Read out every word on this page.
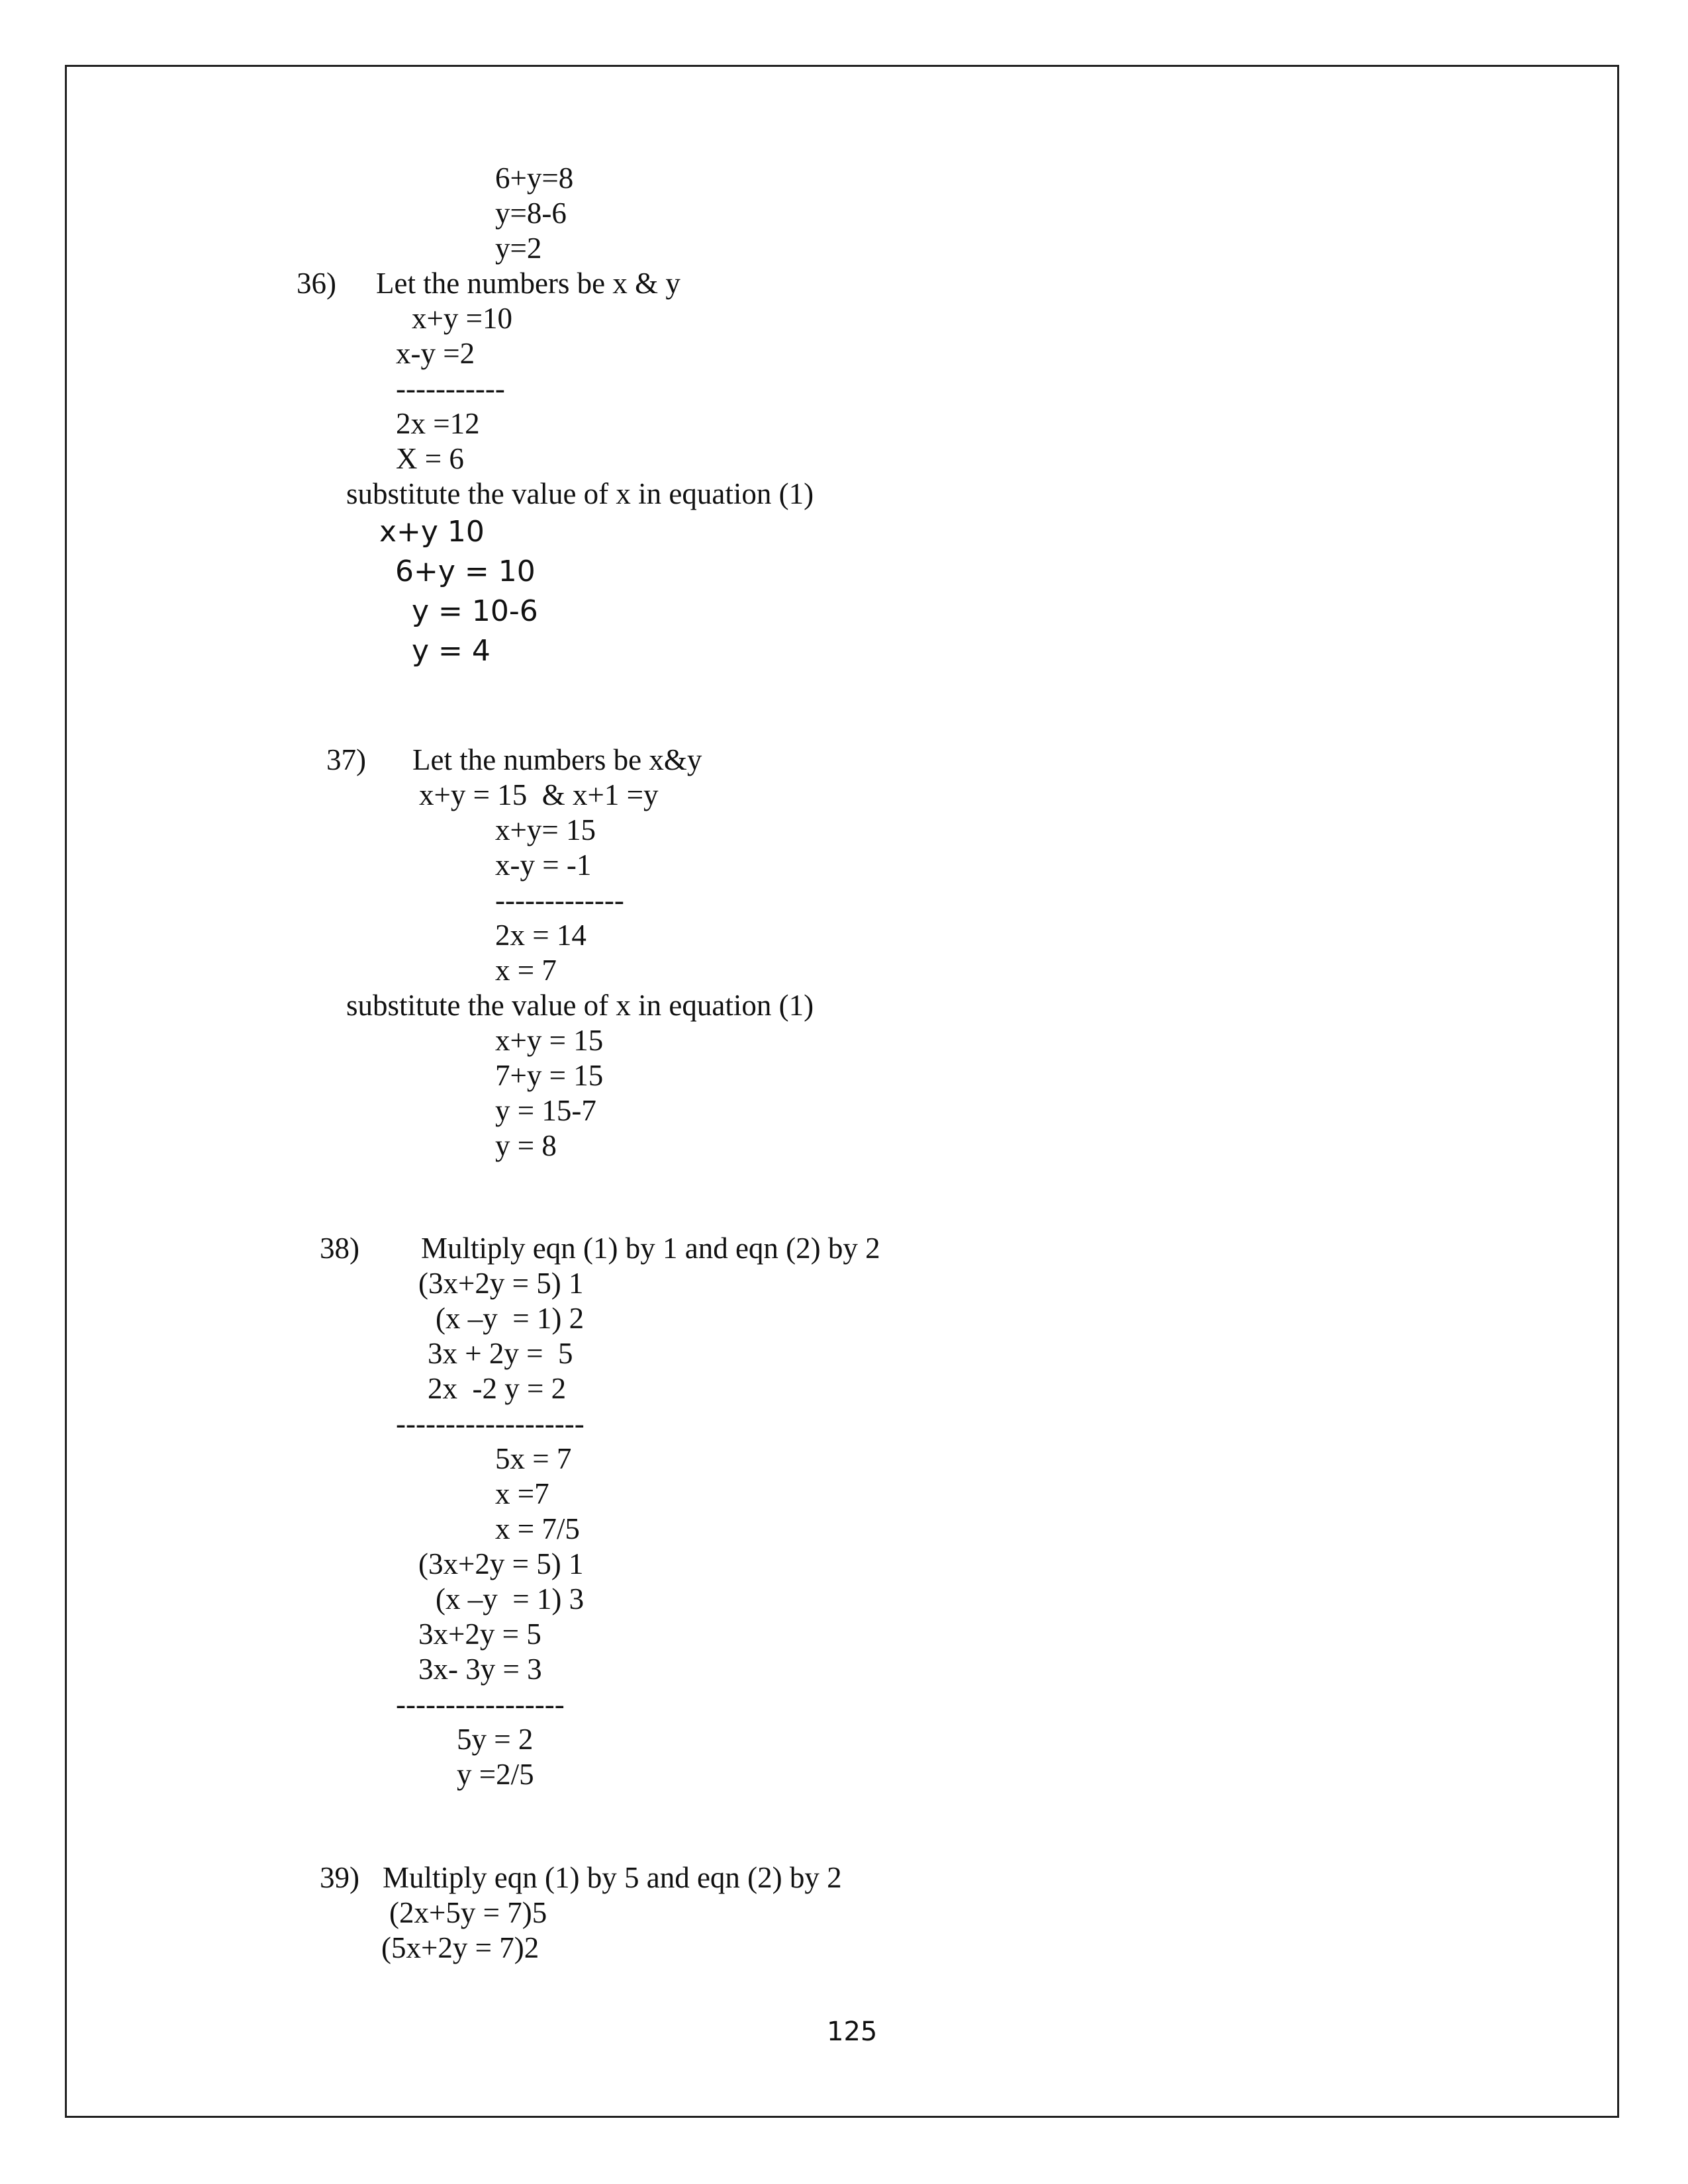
6+y=8
y=8-6
y=2
36) Let the numbers be x & y
x+y =10
x-y =2
-----------
2x =12
X = 6
substitute the value of x in equation (1)
x+y 10
6+y = 10
y = 10-6
y = 4
37) Let the numbers be x&y
x+y = 15  & x+1 =y
x+y= 15
x-y = -1
-------------
2x = 14
x = 7
substitute the value of x in equation (1)
x+y = 15
7+y = 15
y = 15-7
y = 8
38) Multiply eqn (1) by 1 and eqn (2) by 2
(3x+2y = 5) 1
(x –y  = 1) 2
3x + 2y =  5
2x  -2 y = 2
-------------------
5x = 7
x =7
x = 7/5
(3x+2y = 5) 1
(x –y  = 1) 3
3x+2y = 5
3x- 3y = 3
-----------------
5y = 2
y =2/5
39) Multiply eqn (1) by 5 and eqn (2) by 2
(2x+5y = 7)5
(5x+2y = 7)2
125
